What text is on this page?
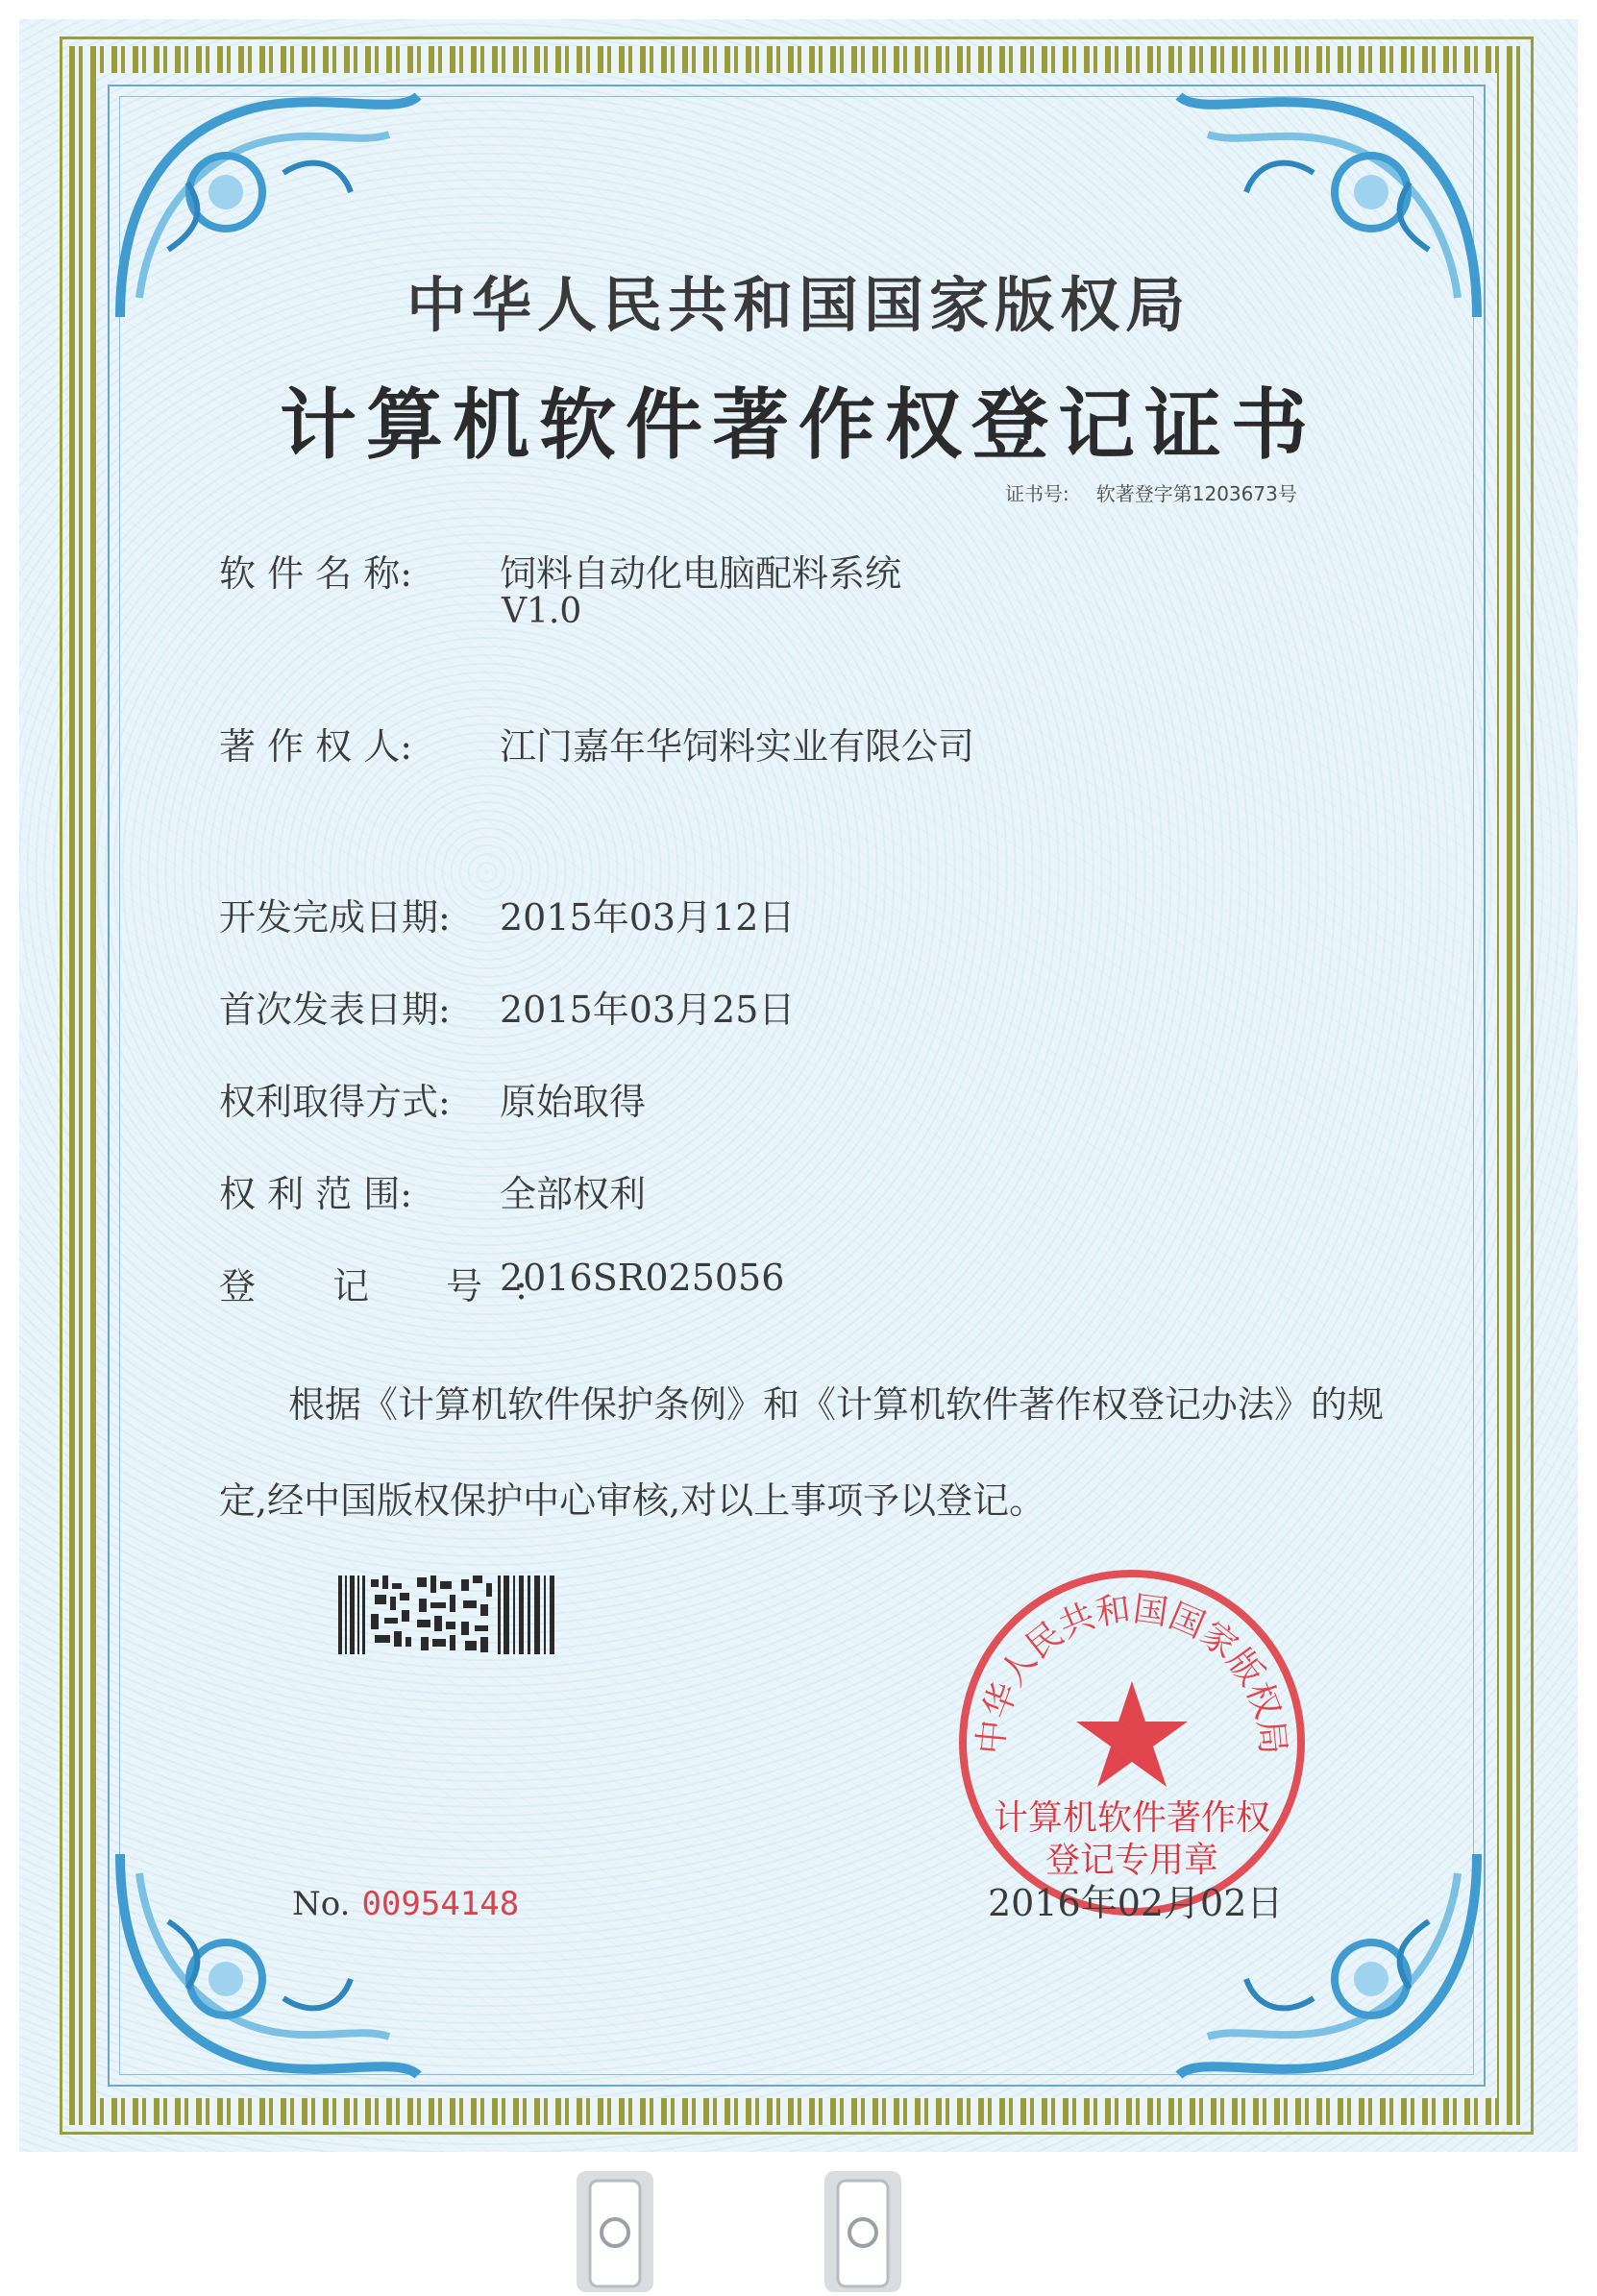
中华人民共和国国家版权局
计算机软件著作权登记证书
证书号: 软著登字第1203673号
软 件 名 称: 饲料自动化电脑配料系统
V1.0
著 作 权 人: 江门嘉年华饲料实业有限公司
开发完成日期: 2015年03月12日
首次发表日期: 2015年03月25日
权利取得方式: 原始取得
权 利 范 围: 全部权利
登 记 号:2016SR025056
根据《计算机软件保护条例》和《计算机软件著作权登记办法》的规定,经中国版权保护中心审核,对以上事项予以登记。
No. 00954148
中华人民共和国国家版权局
计算机软件著作权
登记专用章
2016年02月02日
